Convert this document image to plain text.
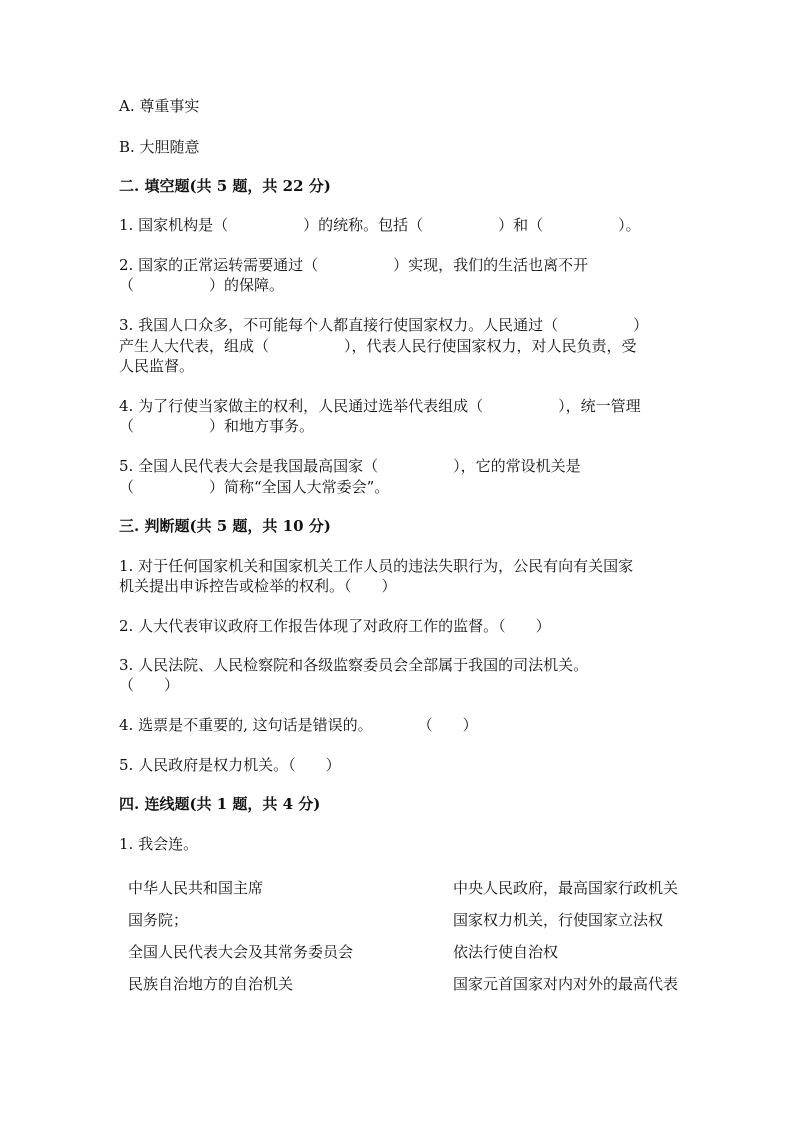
A. 尊重事实
B. 大胆随意
二. 填空题(共 5 题，共 22 分)
1. 国家机构是（　　　　　）的统称。包括（　　　　　）和（　　　　　）。
2. 国家的正常运转需要通过（　　　　　）实现，我们的生活也离不开
（　　　　　）的保障。
3. 我国人口众多，不可能每个人都直接行使国家权力。人民通过（　　　　　）
产生人大代表，组成（　　　　　），代表人民行使国家权力，对人民负责，受
人民监督。
4. 为了行使当家做主的权利，人民通过选举代表组成（　　　　　），统一管理
（　　　　　）和地方事务。
5. 全国人民代表大会是我国最高国家（　　　　　），它的常设机关是
（　　　　　）简称“全国人大常委会”。
三. 判断题(共 5 题，共 10 分)
1. 对于任何国家机关和国家机关工作人员的违法失职行为，公民有向有关国家
机关提出申诉控告或检举的权利。（　　）
2. 人大代表审议政府工作报告体现了对政府工作的监督。（　　）
3. 人民法院、人民检察院和各级监察委员会全部属于我国的司法机关。
（　　）
4. 选票是不重要的, 这句话是错误的。　　　　（　　）
5. 人民政府是权力机关。（　　）
四. 连线题(共 1 题，共 4 分)
1. 我会连。
中华人民共和国主席
国务院；
全国人民代表大会及其常务委员会
民族自治地方的自治机关
中央人民政府，最高国家行政机关
国家权力机关，行使国家立法权
依法行使自治权
国家元首国家对内对外的最高代表
